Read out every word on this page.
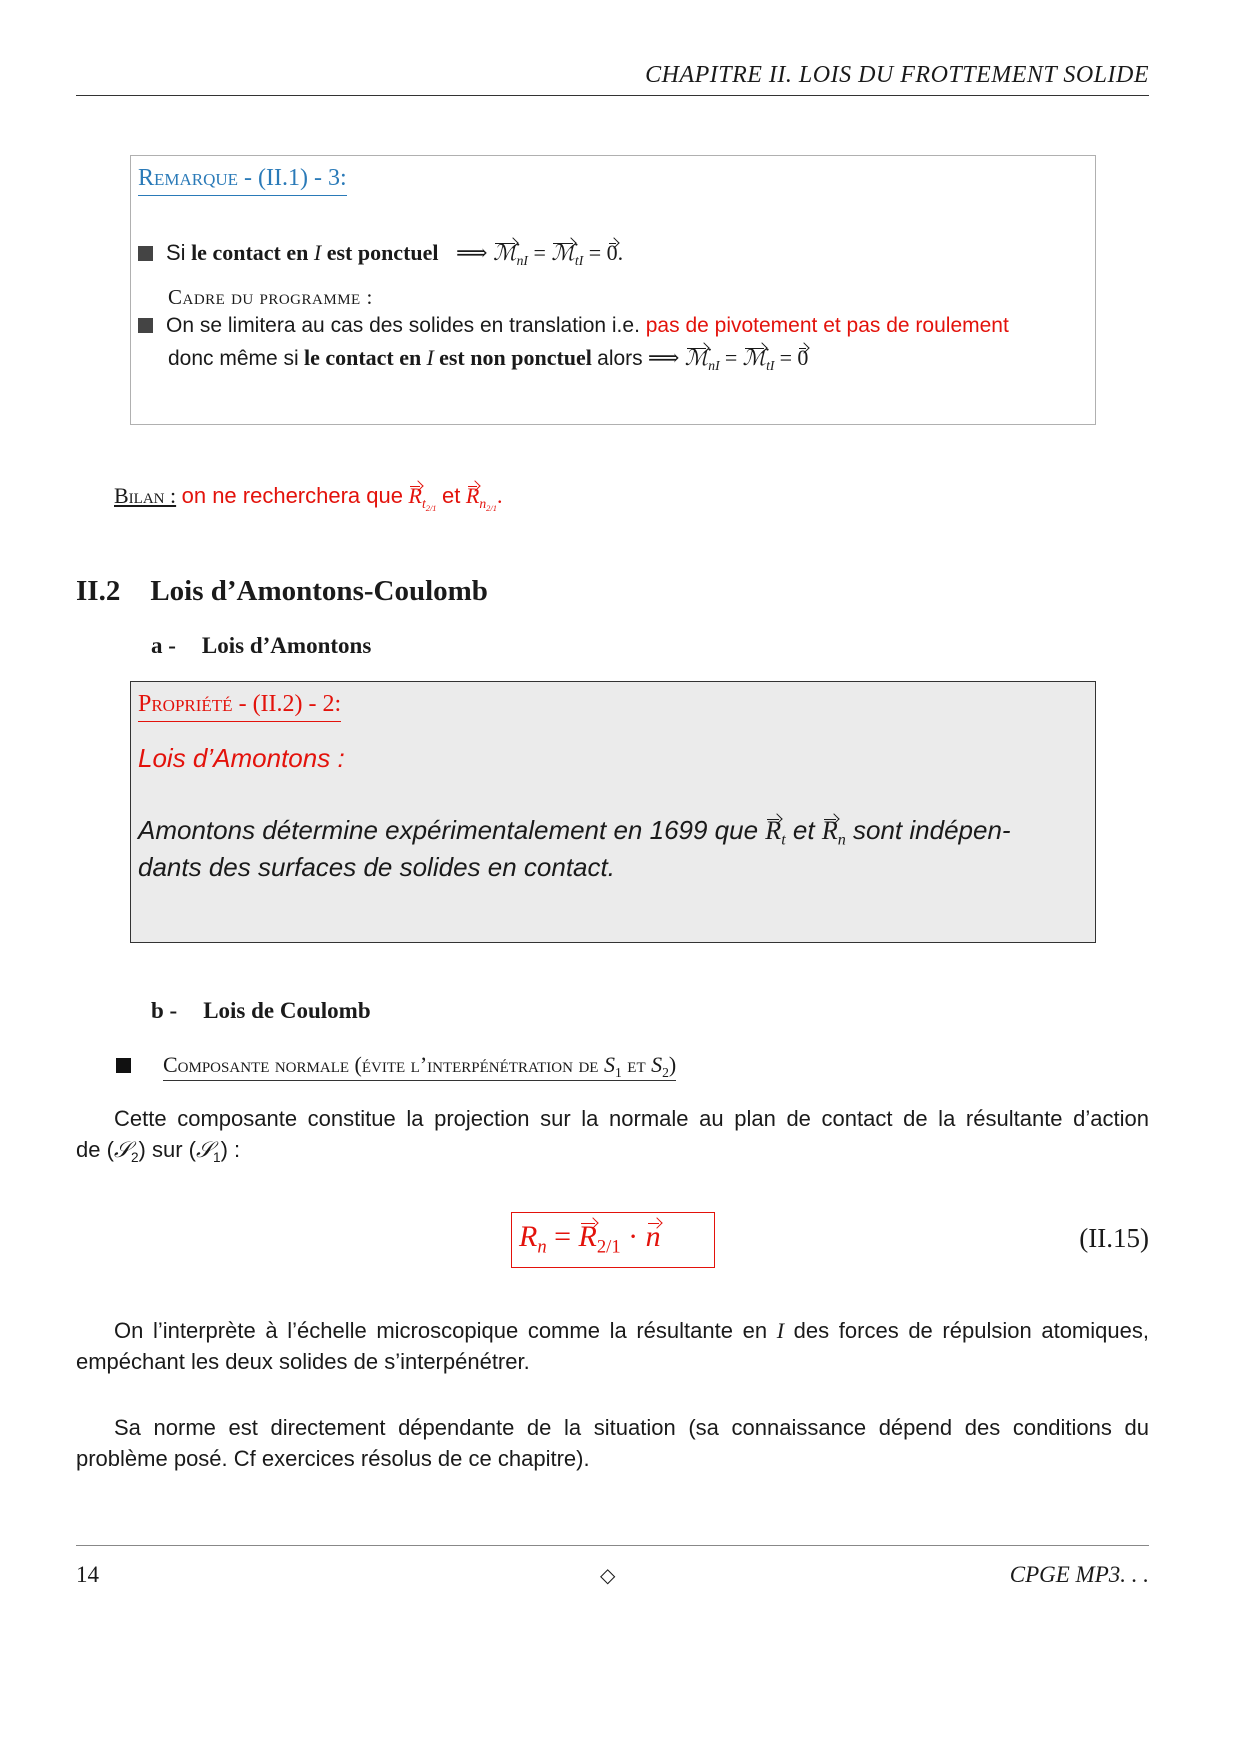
CHAPITRE II. LOIS DU FROTTEMENT SOLIDE
Remarque - (II.1) - 3:
Si le contact en I est ponctuel ⟹ ℳ$_{nI}$ = ℳ$_{tI}$ = 0.
Cadre du programme :
On se limitera au cas des solides en translation i.e. pas de pivotement et pas de roulement
donc même si le contact en I est non ponctuel alors ⟹ ℳ$_{nI}$ = ℳ$_{tI}$ = 0
Bilan : on ne recherchera que $R_{t_{2/1}}$ et $R_{n_{2/1}}$.
II.2 Lois d’Amontons-Coulomb
a - Lois d’Amontons
Propriété - (II.2) - 2:
Lois d’Amontons :
Amontons détermine expérimentalement en 1699 que $R_t$ et $R_n$ sont indépen-
dants des surfaces de solides en contact.
b - Lois de Coulomb
Composante normale (évite l’interpénétration de $S_1$ et $S_2$)
Cette composante constitue la projection sur la normale au plan de contact de la résultante d’action
de (𝒮$_2$) sur (𝒮$_1$) :
$R_n = R_{2/1} \cdot n$	(II.15)
On l’interprète à l’échelle microscopique comme la résultante en I des forces de répulsion atomiques,
empéchant les deux solides de s’interpénétrer.
Sa norme est directement dépendante de la situation (sa connaissance dépend des conditions du
problème posé. Cf exercices résolus de ce chapitre).
14	◇	CPGE MP3. . .
